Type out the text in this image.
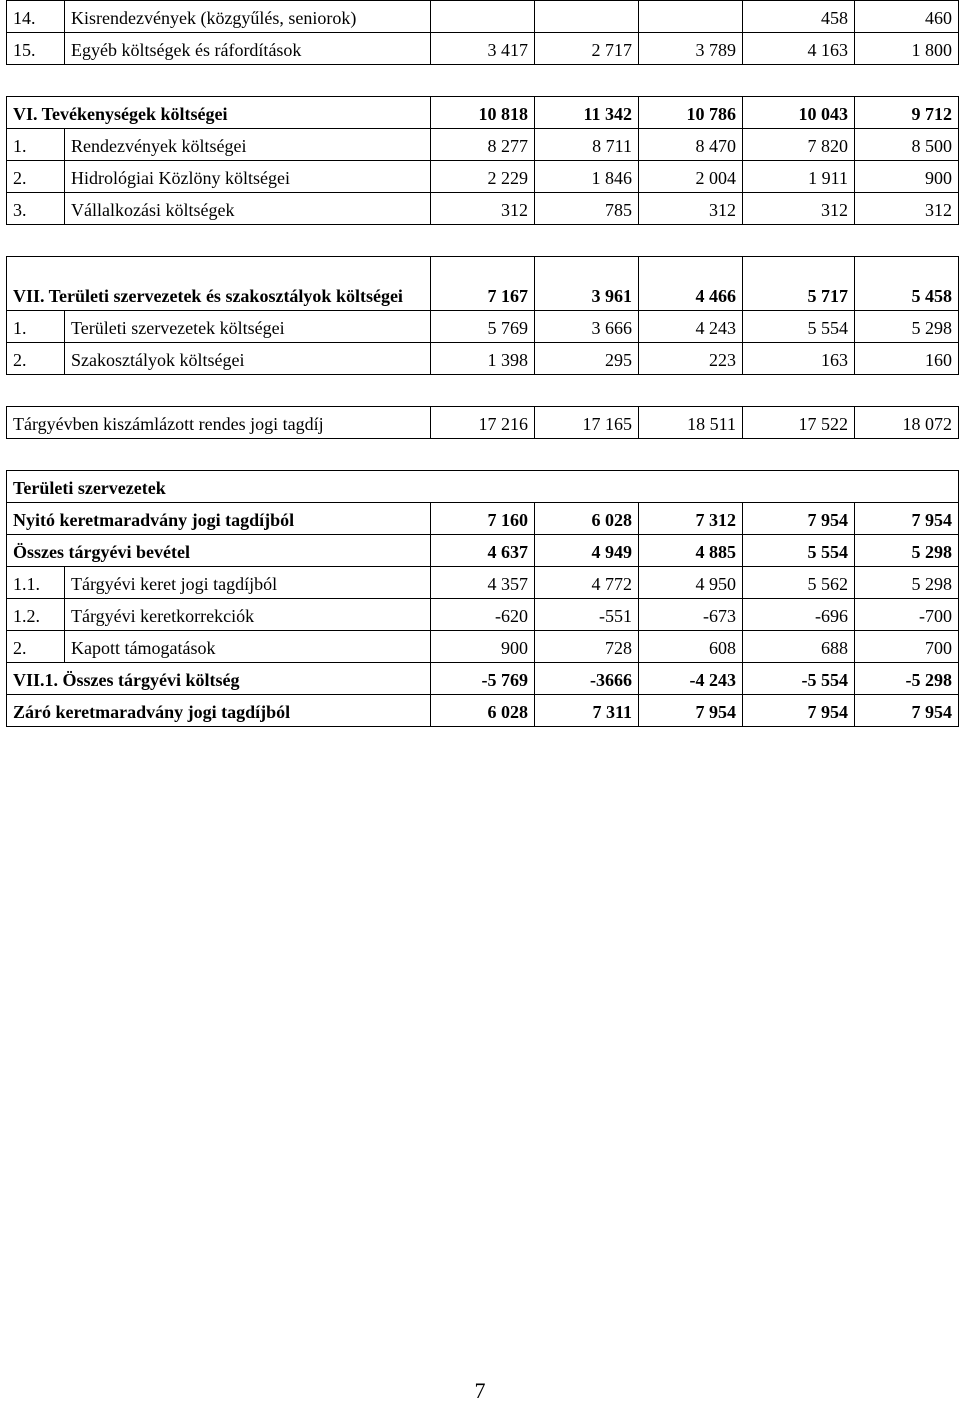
14.	Kisrendezvények (közgyűlés, seniorok)				458	460
15.	Egyéb költségek és ráfordítások	3 417	2 717	3 789	4 163	1 800

VI. Tevékenységek költségei		10 818	11 342	10 786	10 043	9 712
1.	Rendezvények költségei	8 277	8 711	8 470	7 820	8 500
2.	Hidrológiai Közlöny költségei	2 229	1 846	2 004	1 911	900
3.	Vállalkozási költségek	312	785	312	312	312

VII. Területi szervezetek és szakosztályok költségei		7 167	3 961	4 466	5 717	5 458
1.	Területi szervezetek költségei	5 769	3 666	4 243	5 554	5 298
2.	Szakosztályok költségei	1 398	295	223	163	160

Tárgyévben kiszámlázott rendes jogi tagdíj		17 216	17 165	18 511	17 522	18 072

Területi szervezetek						
Nyitó keretmaradvány jogi tagdíjból		7 160	6 028	7 312	7 954	7 954
Összes tárgyévi bevétel		4 637	4 949	4 885	5 554	5 298
1.1.	Tárgyévi keret jogi tagdíjból	4 357	4 772	4 950	5 562	5 298
1.2.	Tárgyévi keretkorrekciók	-620	-551	-673	-696	-700
2.	Kapott támogatások	900	728	608	688	700
VII.1. Összes tárgyévi költség		-5 769	-3666	-4 243	-5 554	-5 298
Záró keretmaradvány jogi tagdíjból		6 028	7 311	7 954	7 954	7 954
7
